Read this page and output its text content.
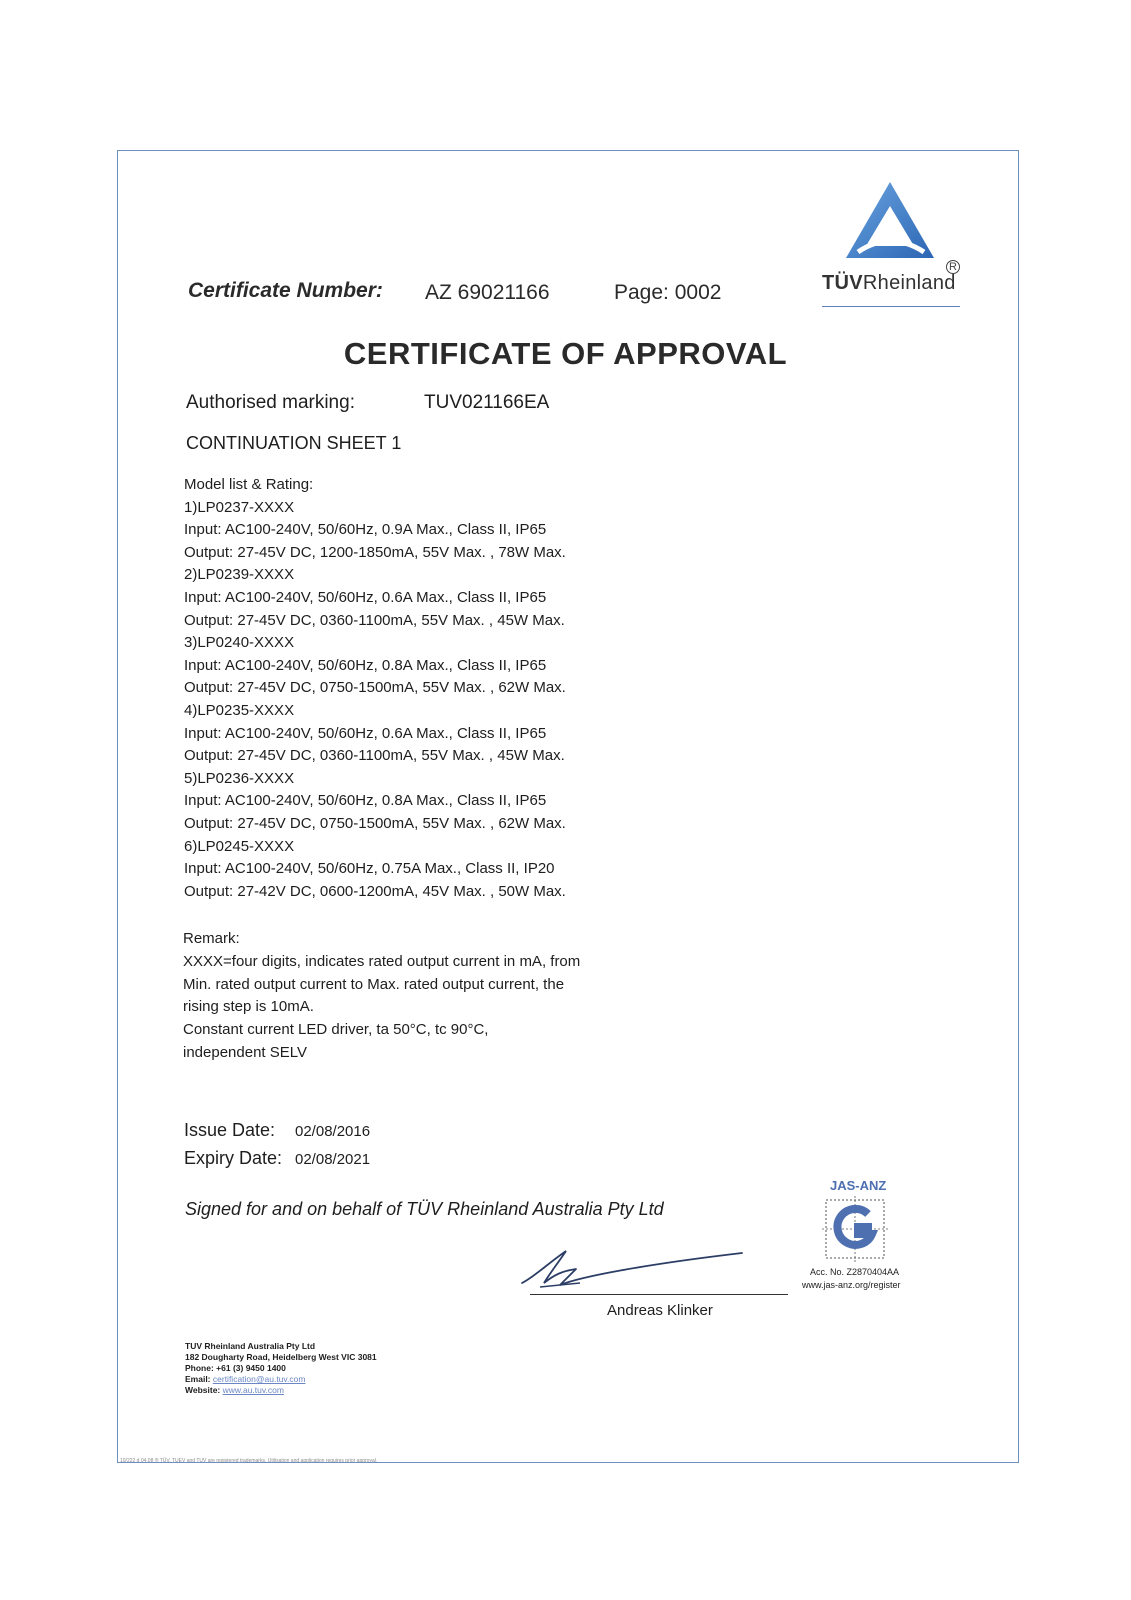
Certificate Number: AZ 69021166	Page: 0002
R
TÜVRheinland
CERTIFICATE OF APPROVAL
Authorised marking:	TUV021166EA
CONTINUATION SHEET 1
Model list & Rating:
1)LP0237-XXXX
Input: AC100-240V, 50/60Hz, 0.9A Max., Class II, IP65
Output: 27-45V DC, 1200-1850mA, 55V Max. , 78W Max.
2)LP0239-XXXX
Input: AC100-240V, 50/60Hz, 0.6A Max., Class II, IP65
Output: 27-45V DC, 0360-1100mA, 55V Max. , 45W Max.
3)LP0240-XXXX
Input: AC100-240V, 50/60Hz, 0.8A Max., Class II, IP65
Output: 27-45V DC, 0750-1500mA, 55V Max. , 62W Max.
4)LP0235-XXXX
Input: AC100-240V, 50/60Hz, 0.6A Max., Class II, IP65
Output: 27-45V DC, 0360-1100mA, 55V Max. , 45W Max.
5)LP0236-XXXX
Input: AC100-240V, 50/60Hz, 0.8A Max., Class II, IP65
Output: 27-45V DC, 0750-1500mA, 55V Max. , 62W Max.
6)LP0245-XXXX
Input: AC100-240V, 50/60Hz, 0.75A Max., Class II, IP20
Output: 27-42V DC, 0600-1200mA, 45V Max. , 50W Max.
Remark:
XXXX=four digits, indicates rated output current in mA, from
Min. rated output current to Max. rated output current, the
rising step is 10mA.
Constant current LED driver, ta 50°C, tc 90°C,
independent SELV
Issue Date: 02/08/2016
Expiry Date: 02/08/2021
Signed for and on behalf of TÜV Rheinland Australia Pty Ltd
Andreas Klinker
JAS-ANZ
Acc. No. Z2870404AA
www.jas-anz.org/register
TUV Rheinland Australia Pty Ltd
182 Dougharty Road, Heidelberg West VIC 3081
Phone: +61 (3) 9450 1400
Email: certification@au.tuv.com
Website: www.au.tuv.com
10/222 d 04.08 ® TÜV, TUEV and TUV are registered trademarks. Utilisation and application requires prior approval.
